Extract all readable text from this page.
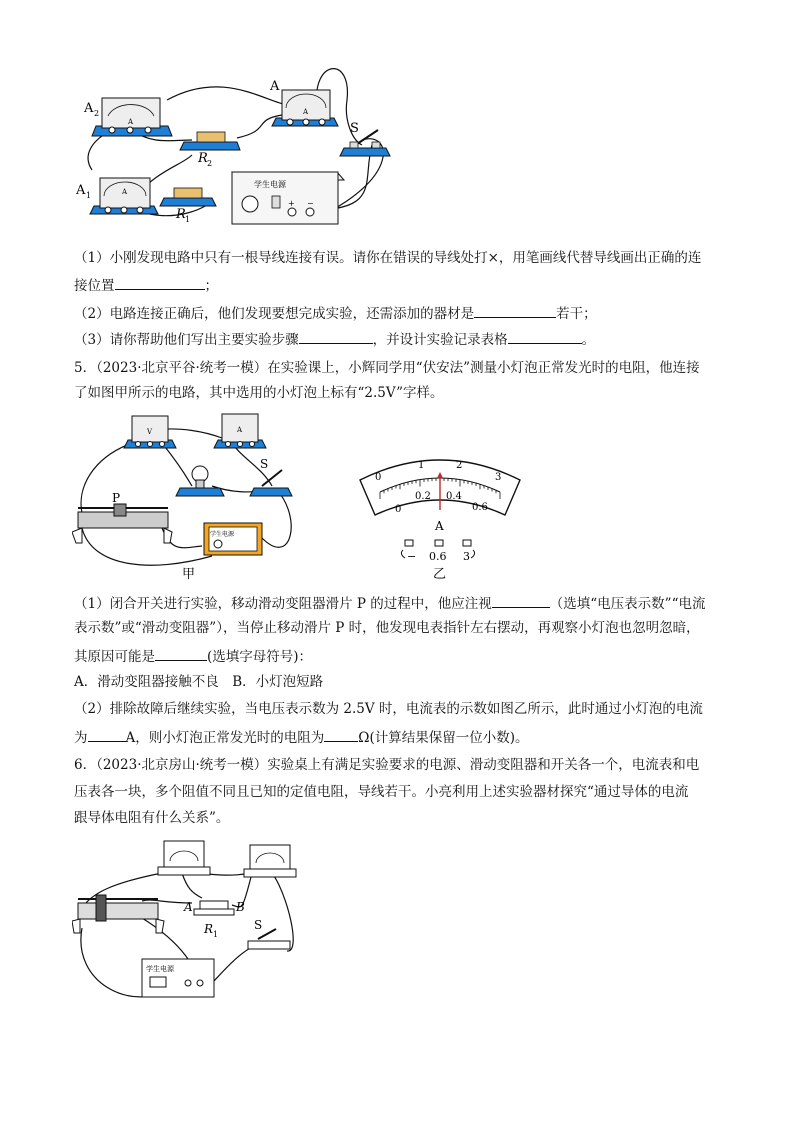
A 2
A
A
A
R 2
S
A 1	A
R 1
学生电源
+ −
（1）小刚发现电路中只有一根导线连接有误。请你在错误的导线处打×，用笔画线代替导线画出正确的连
接位置	；
（2）电路连接正确后，他们发现要想完成实验，还需添加的器材是	若干；
（3）请你帮助他们写出主要实验步骤	，并设计实验记录表格	。
5．（2023·北京平谷·统考一模）在实验课上，小辉同学用“伏安法”测量小灯泡正常发光时的电阻，他连接
了如图甲所示的电路，其中选用的小灯泡上标有“2.5V”字样。
V	A
S
P
学生电源
甲
0
1	2
3
0
0.2 0.4
0.6
A
− 0.6 3
乙
（1）闭合开关进行实验，移动滑动变阻器滑片 P 的过程中，他应注视	（选填“电压表示数”“电流
表示数”或“滑动变阻器”），当停止移动滑片 P 时，他发现电表指针左右摆动，再观察小灯泡也忽明忽暗，
其原因可能是	(选填字母符号)：
A．滑动变阻器接触不良　B．小灯泡短路
（2）排除故障后继续实验，当电压表示数为 2.5V 时，电流表的示数如图乙所示，此时通过小灯泡的电流
为	A，则小灯泡正常发光时的电阻为	Ω(计算结果保留一位小数)。
6．（2023·北京房山·统考一模）实验桌上有满足实验要求的电源、滑动变阻器和开关各一个，电流表和电
压表各一块，多个阻值不同且已知的定值电阻，导线若干。小亮利用上述实验器材探究“通过导体的电流
跟导体电阻有什么关系”。
A	B
R 1
S
学生电源
